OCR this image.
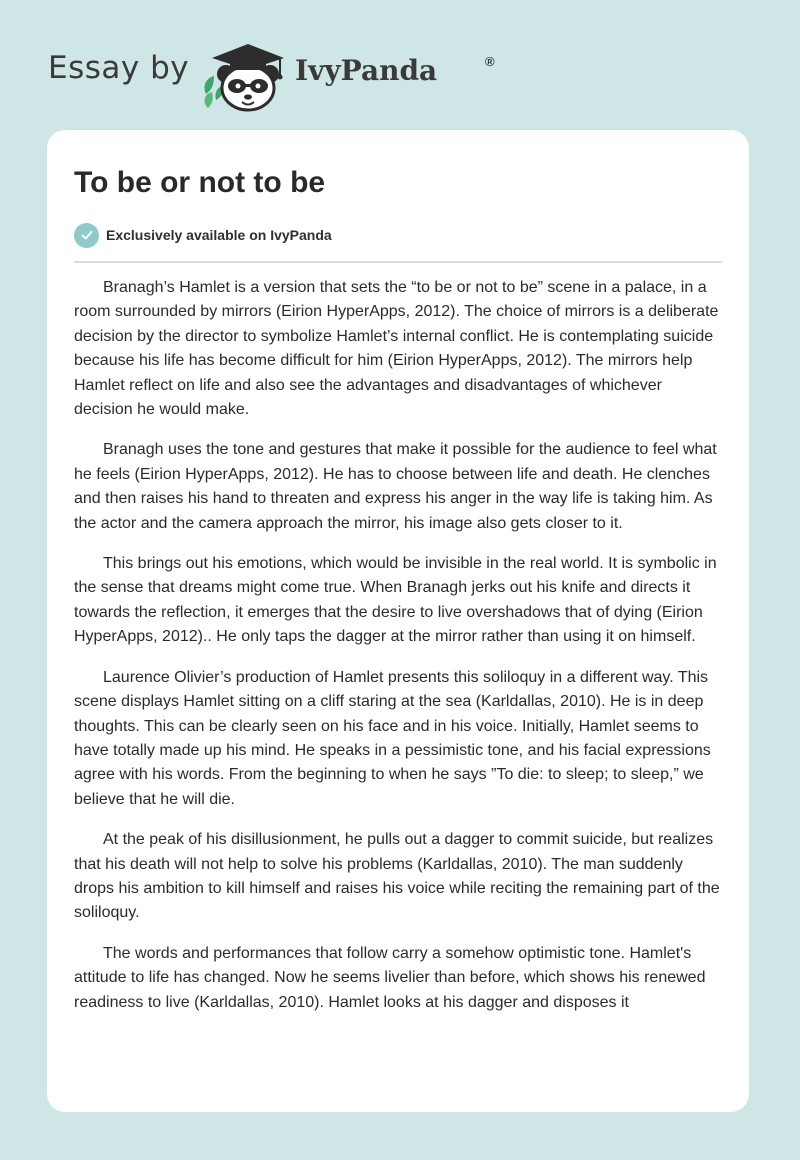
Essay by	IvyPanda	®
To be or not to be
Exclusively available on IvyPanda

Branagh’s Hamlet is a version that sets the “to be or not to be” scene in a palace, in a room surrounded by mirrors (Eirion HyperApps, 2012). The choice of mirrors is a deliberate decision by the director to symbolize Hamlet’s internal conflict. He is contemplating suicide because his life has become difficult for him (Eirion HyperApps, 2012). The mirrors help Hamlet reflect on life and also see the advantages and disadvantages of whichever decision he would make.

Branagh uses the tone and gestures that make it possible for the audience to feel what he feels (Eirion HyperApps, 2012). He has to choose between life and death. He clenches and then raises his hand to threaten and express his anger in the way life is taking him. As the actor and the camera approach the mirror, his image also gets closer to it.

This brings out his emotions, which would be invisible in the real world. It is symbolic in the sense that dreams might come true. When Branagh jerks out his knife and directs it towards the reflection, it emerges that the desire to live overshadows that of dying (Eirion HyperApps, 2012).. He only taps the dagger at the mirror rather than using it on himself.

Laurence Olivier’s production of Hamlet presents this soliloquy in a different way. This scene displays Hamlet sitting on a cliff staring at the sea (Karldallas, 2010). He is in deep thoughts. This can be clearly seen on his face and in his voice. Initially, Hamlet seems to have totally made up his mind. He speaks in a pessimistic tone, and his facial expressions agree with his words. From the beginning to when he says ”To die: to sleep; to sleep,” we believe that he will die.

At the peak of his disillusionment, he pulls out a dagger to commit suicide, but realizes that his death will not help to solve his problems (Karldallas, 2010). The man suddenly drops his ambition to kill himself and raises his voice while reciting the remaining part of the soliloquy.

The words and performances that follow carry a somehow optimistic tone. Hamlet's attitude to life has changed. Now he seems livelier than before, which shows his renewed readiness to live (Karldallas, 2010). Hamlet looks at his dagger and disposes it
